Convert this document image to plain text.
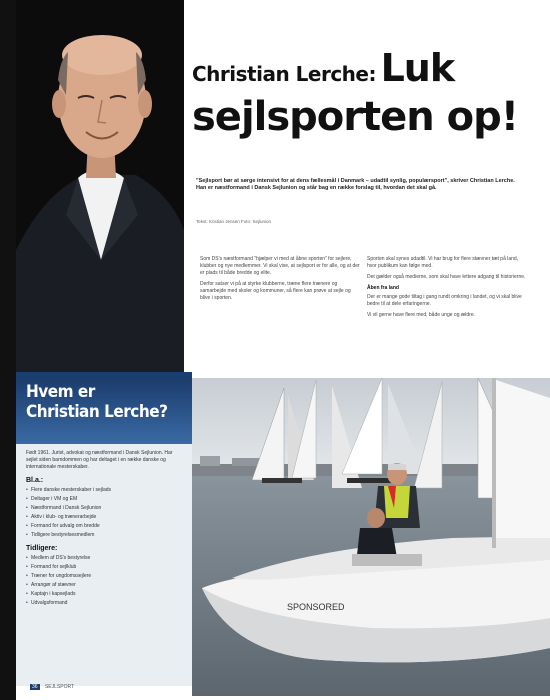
Hvem er
Christian Lerche?

Født 1961. Jurist, advokat og næstformand i Dansk Sejlunion. Har sejlet siden barndommen og har deltaget i en række danske og internationale mesterskaber.

Bl.a.:

• Flere danske mesterskaber i sejlads
• Deltager i VM og EM
• Næstformand i Dansk Sejlunion
• Aktiv i klub- og trænerarbejde
• Formand for udvalg om bredde
• Tidligere bestyrelsesmedlem

Tidligere:

• Medlem af DS's bestyrelse
• Formand for sejlklub
• Træner for ungdomssejlere
• Arrangør af stævner
• Kaptajn i kapsejlads
• Udvalgsformand
36 SEJLSPORT

Christian Lerche: Luk

sejlsporten op!

"Sejlsport bør at sørge intensivt for at dens fællesmål i Danmark – udadtil synlig, populærsport", skriver Christian Lerche. Han er næstformand i Dansk Sejlunion og står bag en række forslag til, hvordan det skal gå.

Tekst: Kristian Jensen Foto: Sejlunion

Som DS's næstformand "hjælper vi med at åbne sporten" for sejlere, klubber og nye medlemmer. Vi skal vise, at sejlsport er for alle, og at der er plads til både bredde og elite.

Derfor satser vi på at styrke klubberne, træne flere trænere og samarbejde med skoler og kommuner, så flere kan prøve at sejle og blive i sporten.

Sporten skal synes udadtil. Vi har brug for flere stævner tæt på land, hvor publikum kan følge med.

Det gælder også medierne, som skal have lettere adgang til historierne.

Åben fra land

Der er mange gode tiltag i gang rundt omkring i landet, og vi skal blive bedre til at dele erfaringerne.

Vi vil gerne have flere med, både unge og ældre.

SPONSORED
